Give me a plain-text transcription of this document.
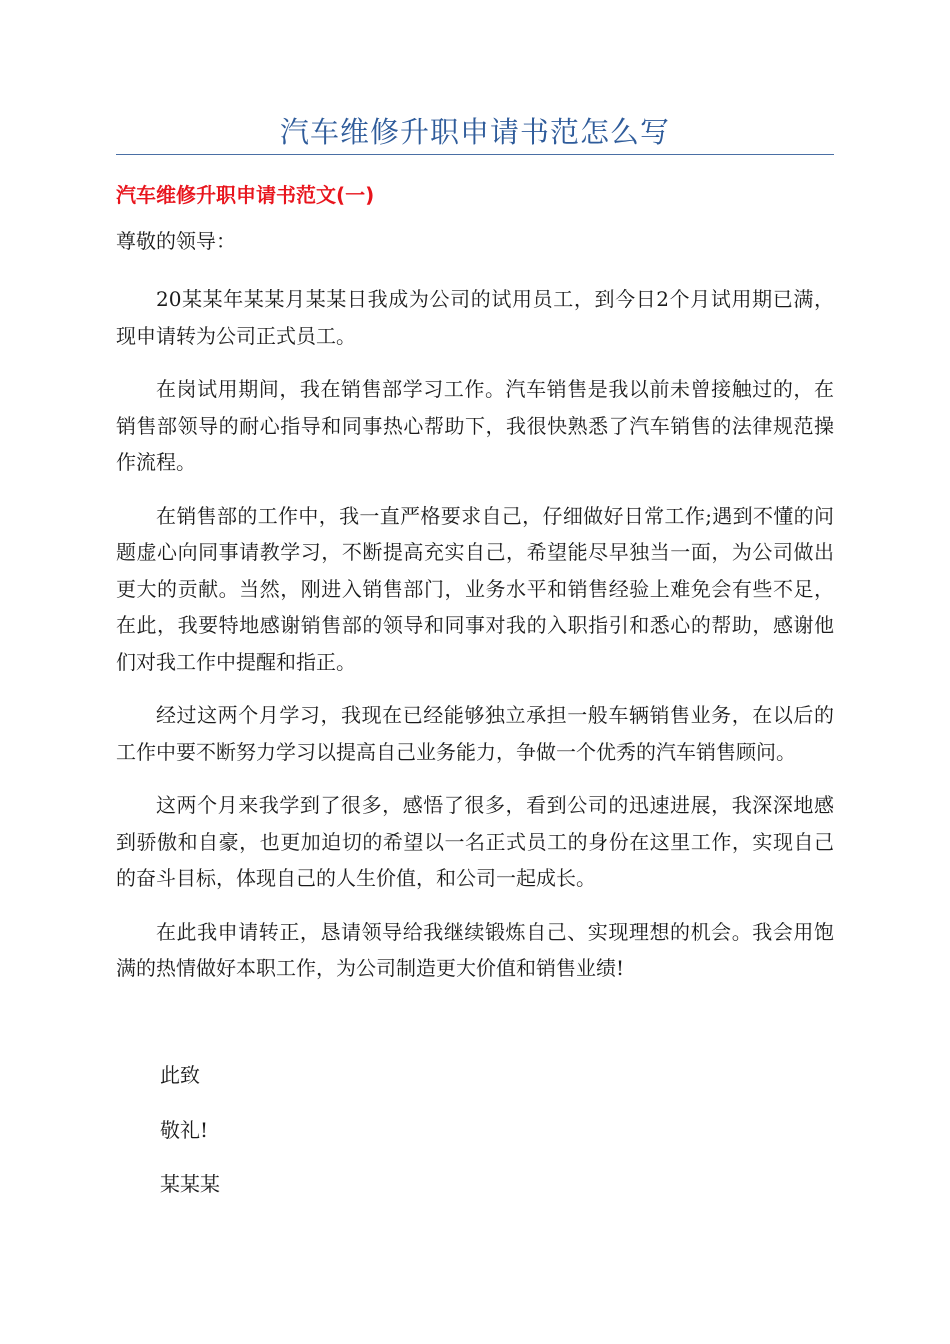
汽车维修升职申请书范怎么写
汽车维修升职申请书范文(一)
尊敬的领导：

20某某年某某月某某日我成为公司的试用员工，到今日2个月试用期已满，现申请转为公司正式员工。

在岗试用期间，我在销售部学习工作。汽车销售是我以前未曾接触过的，在销售部领导的耐心指导和同事热心帮助下，我很快熟悉了汽车销售的法律规范操作流程。

在销售部的工作中，我一直严格要求自己，仔细做好日常工作;遇到不懂的问题虚心向同事请教学习，不断提高充实自己，希望能尽早独当一面，为公司做出更大的贡献。当然，刚进入销售部门，业务水平和销售经验上难免会有些不足，在此，我要特地感谢销售部的领导和同事对我的入职指引和悉心的帮助，感谢他们对我工作中提醒和指正。

经过这两个月学习，我现在已经能够独立承担一般车辆销售业务，在以后的工作中要不断努力学习以提高自己业务能力，争做一个优秀的汽车销售顾问。

这两个月来我学到了很多，感悟了很多，看到公司的迅速进展，我深深地感到骄傲和自豪，也更加迫切的希望以一名正式员工的身份在这里工作，实现自己的奋斗目标，体现自己的人生价值，和公司一起成长。

在此我申请转正，恳请领导给我继续锻炼自己、实现理想的机会。我会用饱满的热情做好本职工作，为公司制造更大价值和销售业绩!

此致
敬礼!
某某某
